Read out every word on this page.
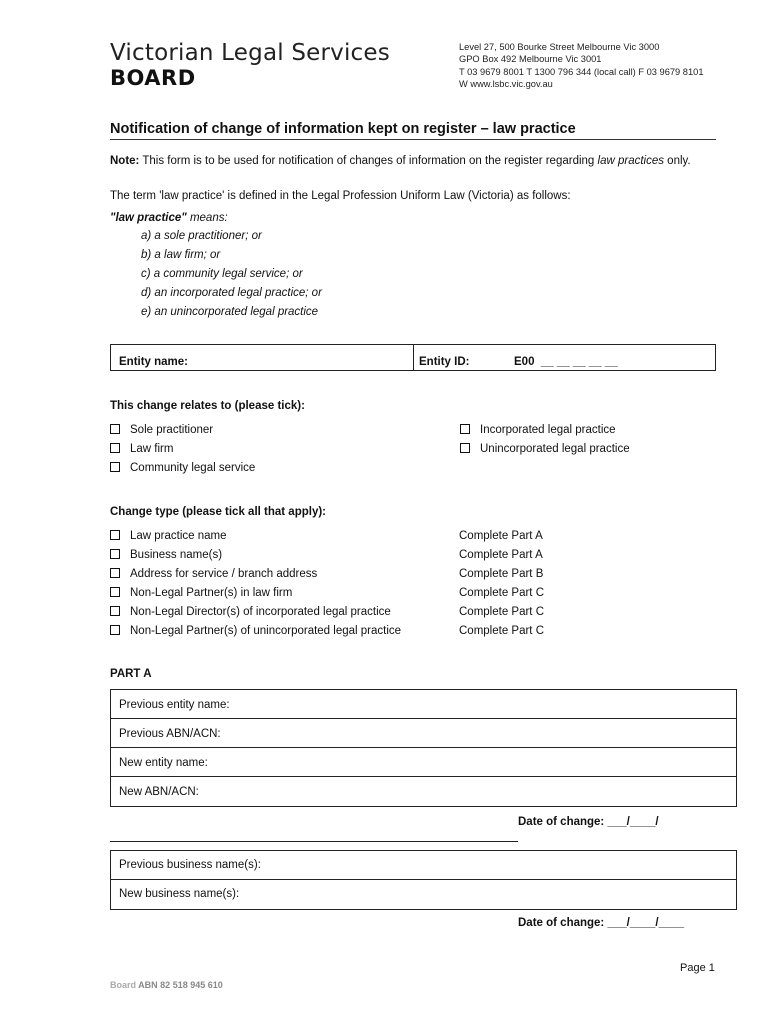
Victorian Legal Services
BOARD
Level 27, 500 Bourke Street Melbourne Vic 3000
GPO Box 492 Melbourne Vic 3001
T 03 9679 8001 T 1300 796 344 (local call) F 03 9679 8101
W www.lsbc.vic.gov.au
Notification of change of information kept on register – law practice
Note: This form is to be used for notification of changes of information on the register regarding law practices only.
The term 'law practice' is defined in the Legal Profession Uniform Law (Victoria) as follows:
"law practice" means:
a) a sole practitioner; or
b) a law firm; or
c) a community legal service; or
d) an incorporated legal practice; or
e) an unincorporated legal practice
Entity name:	Entity ID:	E00  __ __ __ __ __
This change relates to (please tick):
Sole practitioner
Law firm
Community legal service
Incorporated legal practice
Unincorporated legal practice
Change type (please tick all that apply):
Law practice name	Complete Part A
Business name(s)	Complete Part A
Address for service / branch address	Complete Part B
Non-Legal Partner(s) in law firm	Complete Part C
Non-Legal Director(s) of incorporated legal practice	Complete Part C
Non-Legal Partner(s) of unincorporated legal practice	Complete Part C
PART A
Previous entity name:
Previous ABN/ACN:
New entity name:
New ABN/ACN:
Date of change: ___/____/
Previous business name(s):
New business name(s):
Date of change: ___/____/____
Page 1
Board ABN 82 518 945 610
